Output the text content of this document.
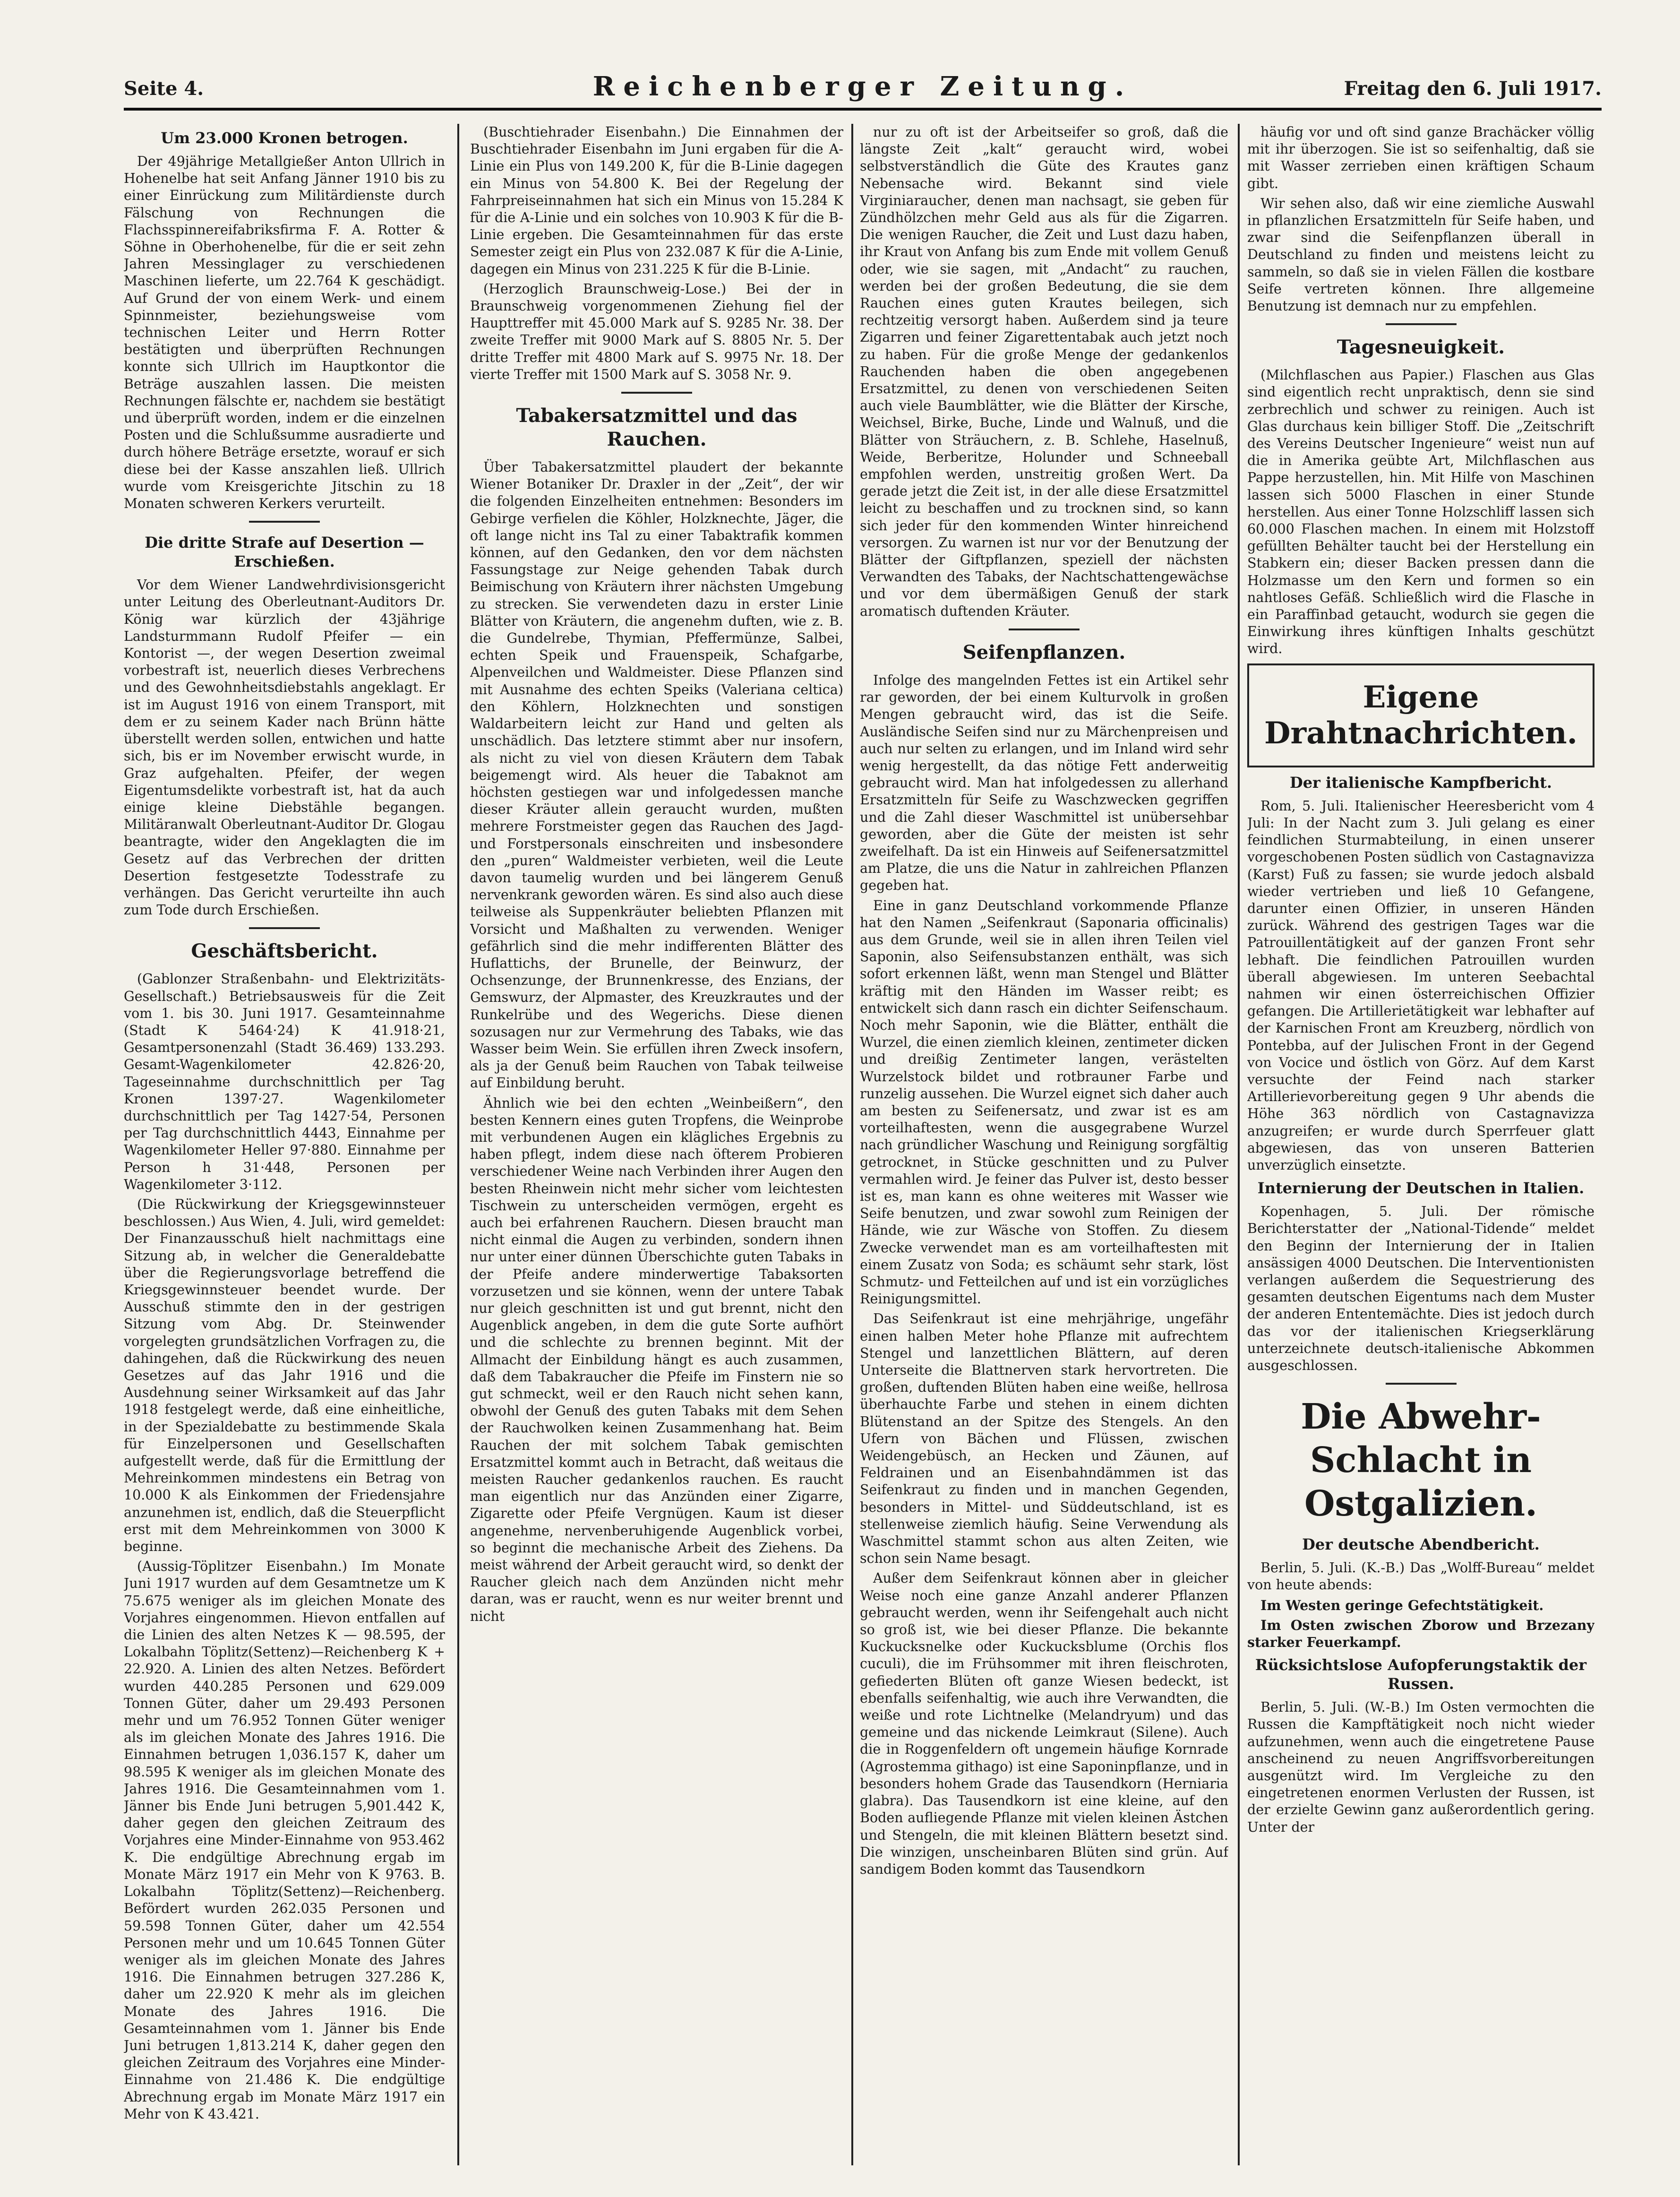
Seite 4.	Reichenberger Zeitung.	Freitag den 6. Juli 1917.
Um 23.000 Kronen betrogen.

Der 49jährige Metallgießer Anton Ullrich in Hohenelbe hat seit Anfang Jänner 1910 bis zu einer Einrückung zum Militärdienste durch Fälschung von Rechnungen die Flachsspinnereifabriksfirma F. A. Rotter & Söhne in Oberhohenelbe, für die er seit zehn Jahren Messinglager zu verschiedenen Maschinen lieferte, um 22.764 K geschädigt. Auf Grund der von einem Werk- und einem Spinnmeister, beziehungsweise vom technischen Leiter und Herrn Rotter bestätigten und überprüften Rechnungen konnte sich Ullrich im Hauptkontor die Beträge auszahlen lassen. Die meisten Rechnungen fälschte er, nachdem sie bestätigt und überprüft worden, indem er die einzelnen Posten und die Schlußsumme ausradierte und durch höhere Beträge ersetzte, worauf er sich diese bei der Kasse anszahlen ließ. Ullrich wurde vom Kreisgerichte Jitschin zu 18 Monaten schweren Kerkers verurteilt.

Die dritte Strafe auf Desertion — Erschießen.

Vor dem Wiener Landwehrdivisionsgericht unter Leitung des Oberleutnant-Auditors Dr. König war kürzlich der 43jährige Landsturmmann Rudolf Pfeifer — ein Kontorist —, der wegen Desertion zweimal vorbestraft ist, neuerlich dieses Verbrechens und des Gewohnheitsdiebstahls angeklagt. Er ist im August 1916 von einem Transport, mit dem er zu seinem Kader nach Brünn hätte überstellt werden sollen, entwichen und hatte sich, bis er im November erwischt wurde, in Graz aufgehalten. Pfeifer, der wegen Eigentumsdelikte vorbestraft ist, hat da auch einige kleine Diebstähle begangen. Militäranwalt Oberleutnant-Auditor Dr. Glogau beantragte, wider den Angeklagten die im Gesetz auf das Verbrechen der dritten Desertion festgesetzte Todesstrafe zu verhängen. Das Gericht verurteilte ihn auch zum Tode durch Erschießen.

Geschäftsbericht.

(Gablonzer Straßenbahn- und Elektrizitäts-Gesellschaft.) Betriebsausweis für die Zeit vom 1. bis 30. Juni 1917. Gesamteinnahme (Stadt K 5464·24) K 41.918·21, Gesamtpersonenzahl (Stadt 36.469) 133.293. Gesamt-Wagenkilometer 42.826·20, Tageseinnahme durchschnittlich per Tag Kronen 1397·27. Wagenkilometer durchschnittlich per Tag 1427·54, Personen per Tag durchschnittlich 4443, Einnahme per Wagenkilometer Heller 97·880. Einnahme per Person h 31·448, Personen per Wagenkilometer 3·112.

(Die Rückwirkung der Kriegsgewinnsteuer beschlossen.) Aus Wien, 4. Juli, wird gemeldet: Der Finanzausschuß hielt nachmittags eine Sitzung ab, in welcher die Generaldebatte über die Regierungsvorlage betreffend die Kriegsgewinnsteuer beendet wurde. Der Ausschuß stimmte den in der gestrigen Sitzung vom Abg. Dr. Steinwender vorgelegten grundsätzlichen Vorfragen zu, die dahingehen, daß die Rückwirkung des neuen Gesetzes auf das Jahr 1916 und die Ausdehnung seiner Wirksamkeit auf das Jahr 1918 festgelegt werde, daß eine einheitliche, in der Spezialdebatte zu bestimmende Skala für Einzelpersonen und Gesellschaften aufgestellt werde, daß für die Ermittlung der Mehreinkommen mindestens ein Betrag von 10.000 K als Einkommen der Friedensjahre anzunehmen ist, endlich, daß die Steuerpflicht erst mit dem Mehreinkommen von 3000 K beginne.

(Aussig-Töplitzer Eisenbahn.) Im Monate Juni 1917 wurden auf dem Gesamtnetze um K 75.675 weniger als im gleichen Monate des Vorjahres eingenommen. Hievon entfallen auf die Linien des alten Netzes K — 98.595, der Lokalbahn Töplitz(Settenz)—Reichenberg K + 22.920. A. Linien des alten Netzes. Befördert wurden 440.285 Personen und 629.009 Tonnen Güter, daher um 29.493 Personen mehr und um 76.952 Tonnen Güter weniger als im gleichen Monate des Jahres 1916. Die Einnahmen betrugen 1,036.157 K, daher um 98.595 K weniger als im gleichen Monate des Jahres 1916. Die Gesamteinnahmen vom 1. Jänner bis Ende Juni betrugen 5,901.442 K, daher gegen den gleichen Zeitraum des Vorjahres eine Minder-Einnahme von 953.462 K. Die endgültige Abrechnung ergab im Monate März 1917 ein Mehr von K 9763. B. Lokalbahn Töplitz(Settenz)—Reichenberg. Befördert wurden 262.035 Personen und 59.598 Tonnen Güter, daher um 42.554 Personen mehr und um 10.645 Tonnen Güter weniger als im gleichen Monate des Jahres 1916. Die Einnahmen betrugen 327.286 K, daher um 22.920 K mehr als im gleichen Monate des Jahres 1916. Die Gesamteinnahmen vom 1. Jänner bis Ende Juni betrugen 1,813.214 K, daher gegen den gleichen Zeitraum des Vorjahres eine Minder-Einnahme von 21.486 K. Die endgültige Abrechnung ergab im Monate März 1917 ein Mehr von K 43.421.

(Buschtiehrader Eisenbahn.) Die Einnahmen der Buschtiehrader Eisenbahn im Juni ergaben für die A-Linie ein Plus von 149.200 K, für die B-Linie dagegen ein Minus von 54.800 K. Bei der Regelung der Fahrpreiseinnahmen hat sich ein Minus von 15.284 K für die A-Linie und ein solches von 10.903 K für die B-Linie ergeben. Die Gesamteinnahmen für das erste Semester zeigt ein Plus von 232.087 K für die A-Linie, dagegen ein Minus von 231.225 K für die B-Linie.

(Herzoglich Braunschweig-Lose.) Bei der in Braunschweig vorgenommenen Ziehung fiel der Haupttreffer mit 45.000 Mark auf S. 9285 Nr. 38. Der zweite Treffer mit 9000 Mark auf S. 8805 Nr. 5. Der dritte Treffer mit 4800 Mark auf S. 9975 Nr. 18. Der vierte Treffer mit 1500 Mark auf S. 3058 Nr. 9.

Tabakersatzmittel und das Rauchen.

Über Tabakersatzmittel plaudert der bekannte Wiener Botaniker Dr. Draxler in der „Zeit“, der wir die folgenden Einzelheiten entnehmen: Besonders im Gebirge verfielen die Köhler, Holzknechte, Jäger, die oft lange nicht ins Tal zu einer Tabaktrafik kommen können, auf den Gedanken, den vor dem nächsten Fassungstage zur Neige gehenden Tabak durch Beimischung von Kräutern ihrer nächsten Umgebung zu strecken. Sie verwendeten dazu in erster Linie Blätter von Kräutern, die angenehm duften, wie z. B. die Gundelrebe, Thymian, Pfeffermünze, Salbei, echten Speik und Frauenspeik, Schafgarbe, Alpenveilchen und Waldmeister. Diese Pflanzen sind mit Ausnahme des echten Speiks (Valeriana celtica) den Köhlern, Holzknechten und sonstigen Waldarbeitern leicht zur Hand und gelten als unschädlich. Das letztere stimmt aber nur insofern, als nicht zu viel von diesen Kräutern dem Tabak beigemengt wird. Als heuer die Tabaknot am höchsten gestiegen war und infolgedessen manche dieser Kräuter allein geraucht wurden, mußten mehrere Forstmeister gegen das Rauchen des Jagd- und Forstpersonals einschreiten und insbesondere den „puren“ Waldmeister verbieten, weil die Leute davon taumelig wurden und bei längerem Genuß nervenkrank geworden wären. Es sind also auch diese teilweise als Suppenkräuter beliebten Pflanzen mit Vorsicht und Maßhalten zu verwenden. Weniger gefährlich sind die mehr indifferenten Blätter des Huflattichs, der Brunelle, der Beinwurz, der Ochsenzunge, der Brunnenkresse, des Enzians, der Gemswurz, der Alpmaster, des Kreuzkrautes und der Runkelrübe und des Wegerichs. Diese dienen sozusagen nur zur Vermehrung des Tabaks, wie das Wasser beim Wein. Sie erfüllen ihren Zweck insofern, als ja der Genuß beim Rauchen von Tabak teilweise auf Einbildung beruht.

Ähnlich wie bei den echten „Weinbeißern“, den besten Kennern eines guten Tropfens, die Weinprobe mit verbundenen Augen ein klägliches Ergebnis zu haben pflegt, indem diese nach öfterem Probieren verschiedener Weine nach Verbinden ihrer Augen den besten Rheinwein nicht mehr sicher vom leichtesten Tischwein zu unterscheiden vermögen, ergeht es auch bei erfahrenen Rauchern. Diesen braucht man nicht einmal die Augen zu verbinden, sondern ihnen nur unter einer dünnen Überschichte guten Tabaks in der Pfeife andere minderwertige Tabaksorten vorzusetzen und sie können, wenn der untere Tabak nur gleich geschnitten ist und gut brennt, nicht den Augenblick angeben, in dem die gute Sorte aufhört und die schlechte zu brennen beginnt. Mit der Allmacht der Einbildung hängt es auch zusammen, daß dem Tabakraucher die Pfeife im Finstern nie so gut schmeckt, weil er den Rauch nicht sehen kann, obwohl der Genuß des guten Tabaks mit dem Sehen der Rauchwolken keinen Zusammenhang hat. Beim Rauchen der mit solchem Tabak gemischten Ersatzmittel kommt auch in Betracht, daß weitaus die meisten Raucher gedankenlos rauchen. Es raucht man eigentlich nur das Anzünden einer Zigarre, Zigarette oder Pfeife Vergnügen. Kaum ist dieser angenehme, nervenberuhigende Augenblick vorbei, so beginnt die mechanische Arbeit des Ziehens. Da meist während der Arbeit geraucht wird, so denkt der Raucher gleich nach dem Anzünden nicht mehr daran, was er raucht, wenn es nur weiter brennt und nicht

nur zu oft ist der Arbeitseifer so groß, daß die längste Zeit „kalt“ geraucht wird, wobei selbstverständlich die Güte des Krautes ganz Nebensache wird. Bekannt sind viele Virginiaraucher, denen man nachsagt, sie geben für Zündhölzchen mehr Geld aus als für die Zigarren. Die wenigen Raucher, die Zeit und Lust dazu haben, ihr Kraut von Anfang bis zum Ende mit vollem Genuß oder, wie sie sagen, mit „Andacht“ zu rauchen, werden bei der großen Bedeutung, die sie dem Rauchen eines guten Krautes beilegen, sich rechtzeitig versorgt haben. Außerdem sind ja teure Zigarren und feiner Zigarettentabak auch jetzt noch zu haben. Für die große Menge der gedankenlos Rauchenden haben die oben angegebenen Ersatzmittel, zu denen von verschiedenen Seiten auch viele Baumblätter, wie die Blätter der Kirsche, Weichsel, Birke, Buche, Linde und Walnuß, und die Blätter von Sträuchern, z. B. Schlehe, Haselnuß, Weide, Berberitze, Holunder und Schneeball empfohlen werden, unstreitig großen Wert. Da gerade jetzt die Zeit ist, in der alle diese Ersatzmittel leicht zu beschaffen und zu trocknen sind, so kann sich jeder für den kommenden Winter hinreichend versorgen. Zu warnen ist nur vor der Benutzung der Blätter der Giftpflanzen, speziell der nächsten Verwandten des Tabaks, der Nachtschattengewächse und vor dem übermäßigen Genuß der stark aromatisch duftenden Kräuter.

Seifenpflanzen.

Infolge des mangelnden Fettes ist ein Artikel sehr rar geworden, der bei einem Kulturvolk in großen Mengen gebraucht wird, das ist die Seife. Ausländische Seifen sind nur zu Märchenpreisen und auch nur selten zu erlangen, und im Inland wird sehr wenig hergestellt, da das nötige Fett anderweitig gebraucht wird. Man hat infolgedessen zu allerhand Ersatzmitteln für Seife zu Waschzwecken gegriffen und die Zahl dieser Waschmittel ist unübersehbar geworden, aber die Güte der meisten ist sehr zweifelhaft. Da ist ein Hinweis auf Seifenersatzmittel am Platze, die uns die Natur in zahlreichen Pflanzen gegeben hat.

Eine in ganz Deutschland vorkommende Pflanze hat den Namen „Seifenkraut (Saponaria officinalis) aus dem Grunde, weil sie in allen ihren Teilen viel Saponin, also Seifensubstanzen enthält, was sich sofort erkennen läßt, wenn man Stengel und Blätter kräftig mit den Händen im Wasser reibt; es entwickelt sich dann rasch ein dichter Seifenschaum. Noch mehr Saponin, wie die Blätter, enthält die Wurzel, die einen ziemlich kleinen, zentimeter dicken und dreißig Zentimeter langen, verästelten Wurzelstock bildet und rotbrauner Farbe und runzelig aussehen. Die Wurzel eignet sich daher auch am besten zu Seifenersatz, und zwar ist es am vorteilhaftesten, wenn die ausgegrabene Wurzel nach gründlicher Waschung und Reinigung sorgfältig getrocknet, in Stücke geschnitten und zu Pulver vermahlen wird. Je feiner das Pulver ist, desto besser ist es, man kann es ohne weiteres mit Wasser wie Seife benutzen, und zwar sowohl zum Reinigen der Hände, wie zur Wäsche von Stoffen. Zu diesem Zwecke verwendet man es am vorteilhaftesten mit einem Zusatz von Soda; es schäumt sehr stark, löst Schmutz- und Fetteilchen auf und ist ein vorzügliches Reinigungsmittel.

Das Seifenkraut ist eine mehrjährige, ungefähr einen halben Meter hohe Pflanze mit aufrechtem Stengel und lanzettlichen Blättern, auf deren Unterseite die Blattnerven stark hervortreten. Die großen, duftenden Blüten haben eine weiße, hellrosa überhauchte Farbe und stehen in einem dichten Blütenstand an der Spitze des Stengels. An den Ufern von Bächen und Flüssen, zwischen Weidengebüsch, an Hecken und Zäunen, auf Feldrainen und an Eisenbahndämmen ist das Seifenkraut zu finden und in manchen Gegenden, besonders in Mittel- und Süddeutschland, ist es stellenweise ziemlich häufig. Seine Verwendung als Waschmittel stammt schon aus alten Zeiten, wie schon sein Name besagt.

Außer dem Seifenkraut können aber in gleicher Weise noch eine ganze Anzahl anderer Pflanzen gebraucht werden, wenn ihr Seifengehalt auch nicht so groß ist, wie bei dieser Pflanze. Die bekannte Kuckucksnelke oder Kuckucksblume (Orchis flos cuculi), die im Frühsommer mit ihren fleischroten, gefiederten Blüten oft ganze Wiesen bedeckt, ist ebenfalls seifenhaltig, wie auch ihre Verwandten, die weiße und rote Lichtnelke (Melandryum) und das gemeine und das nickende Leimkraut (Silene). Auch die in Roggenfeldern oft ungemein häufige Kornrade (Agrostemma githago) ist eine Saponinpflanze, und in besonders hohem Grade das Tausendkorn (Herniaria glabra). Das Tausendkorn ist eine kleine, auf den Boden aufliegende Pflanze mit vielen kleinen Ästchen und Stengeln, die mit kleinen Blättern besetzt sind. Die winzigen, unscheinbaren Blüten sind grün. Auf sandigem Boden kommt das Tausendkorn

häufig vor und oft sind ganze Brachäcker völlig mit ihr überzogen. Sie ist so seifenhaltig, daß sie mit Wasser zerrieben einen kräftigen Schaum gibt.

Wir sehen also, daß wir eine ziemliche Auswahl in pflanzlichen Ersatzmitteln für Seife haben, und zwar sind die Seifenpflanzen überall in Deutschland zu finden und meistens leicht zu sammeln, so daß sie in vielen Fällen die kostbare Seife vertreten können. Ihre allgemeine Benutzung ist demnach nur zu empfehlen.

Tagesneuigkeit.

(Milchflaschen aus Papier.) Flaschen aus Glas sind eigentlich recht unpraktisch, denn sie sind zerbrechlich und schwer zu reinigen. Auch ist Glas durchaus kein billiger Stoff. Die „Zeitschrift des Vereins Deutscher Ingenieure“ weist nun auf die in Amerika geübte Art, Milchflaschen aus Pappe herzustellen, hin. Mit Hilfe von Maschinen lassen sich 5000 Flaschen in einer Stunde herstellen. Aus einer Tonne Holzschliff lassen sich 60.000 Flaschen machen. In einem mit Holzstoff gefüllten Behälter taucht bei der Herstellung ein Stabkern ein; dieser Backen pressen dann die Holzmasse um den Kern und formen so ein nahtloses Gefäß. Schließlich wird die Flasche in ein Paraffinbad getaucht, wodurch sie gegen die Einwirkung ihres künftigen Inhalts geschützt wird.

Eigene Drahtnachrichten.
Der italienische Kampfbericht.

Rom, 5. Juli. Italienischer Heeresbericht vom 4 Juli: In der Nacht zum 3. Juli gelang es einer feindlichen Sturmabteilung, in einen unserer vorgeschobenen Posten südlich von Castagnavizza (Karst) Fuß zu fassen; sie wurde jedoch alsbald wieder vertrieben und ließ 10 Gefangene, darunter einen Offizier, in unseren Händen zurück. Während des gestrigen Tages war die Patrouillentätigkeit auf der ganzen Front sehr lebhaft. Die feindlichen Patrouillen wurden überall abgewiesen. Im unteren Seebachtal nahmen wir einen österreichischen Offizier gefangen. Die Artillerietätigkeit war lebhafter auf der Karnischen Front am Kreuzberg, nördlich von Pontebba, auf der Julischen Front in der Gegend von Vocice und östlich von Görz. Auf dem Karst versuchte der Feind nach starker Artillerievorbereitung gegen 9 Uhr abends die Höhe 363 nördlich von Castagnavizza anzugreifen; er wurde durch Sperrfeuer glatt abgewiesen, das von unseren Batterien unverzüglich einsetzte.

Internierung der Deutschen in Italien.

Kopenhagen, 5. Juli. Der römische Berichterstatter der „National-Tidende“ meldet den Beginn der Internierung der in Italien ansässigen 4000 Deutschen. Die Interventionisten verlangen außerdem die Sequestrierung des gesamten deutschen Eigentums nach dem Muster der anderen Ententemächte. Dies ist jedoch durch das vor der italienischen Kriegserklärung unterzeichnete deutsch-italienische Abkommen ausgeschlossen.

Die Abwehr-Schlacht in Ostgalizien.
Der deutsche Abendbericht.

Berlin, 5. Juli. (K.-B.) Das „Wolff-Bureau“ meldet von heute abends:

Im Westen geringe Gefechtstätigkeit.

Im Osten zwischen Zborow und Brzezany starker Feuerkampf.

Rücksichtslose Aufopferungstaktik der Russen.

Berlin, 5. Juli. (W.-B.) Im Osten vermochten die Russen die Kampftätigkeit noch nicht wieder aufzunehmen, wenn auch die eingetretene Pause anscheinend zu neuen Angriffsvorbereitungen ausgenützt wird. Im Vergleiche zu den eingetretenen enormen Verlusten der Russen, ist der erzielte Gewinn ganz außerordentlich gering. Unter der
